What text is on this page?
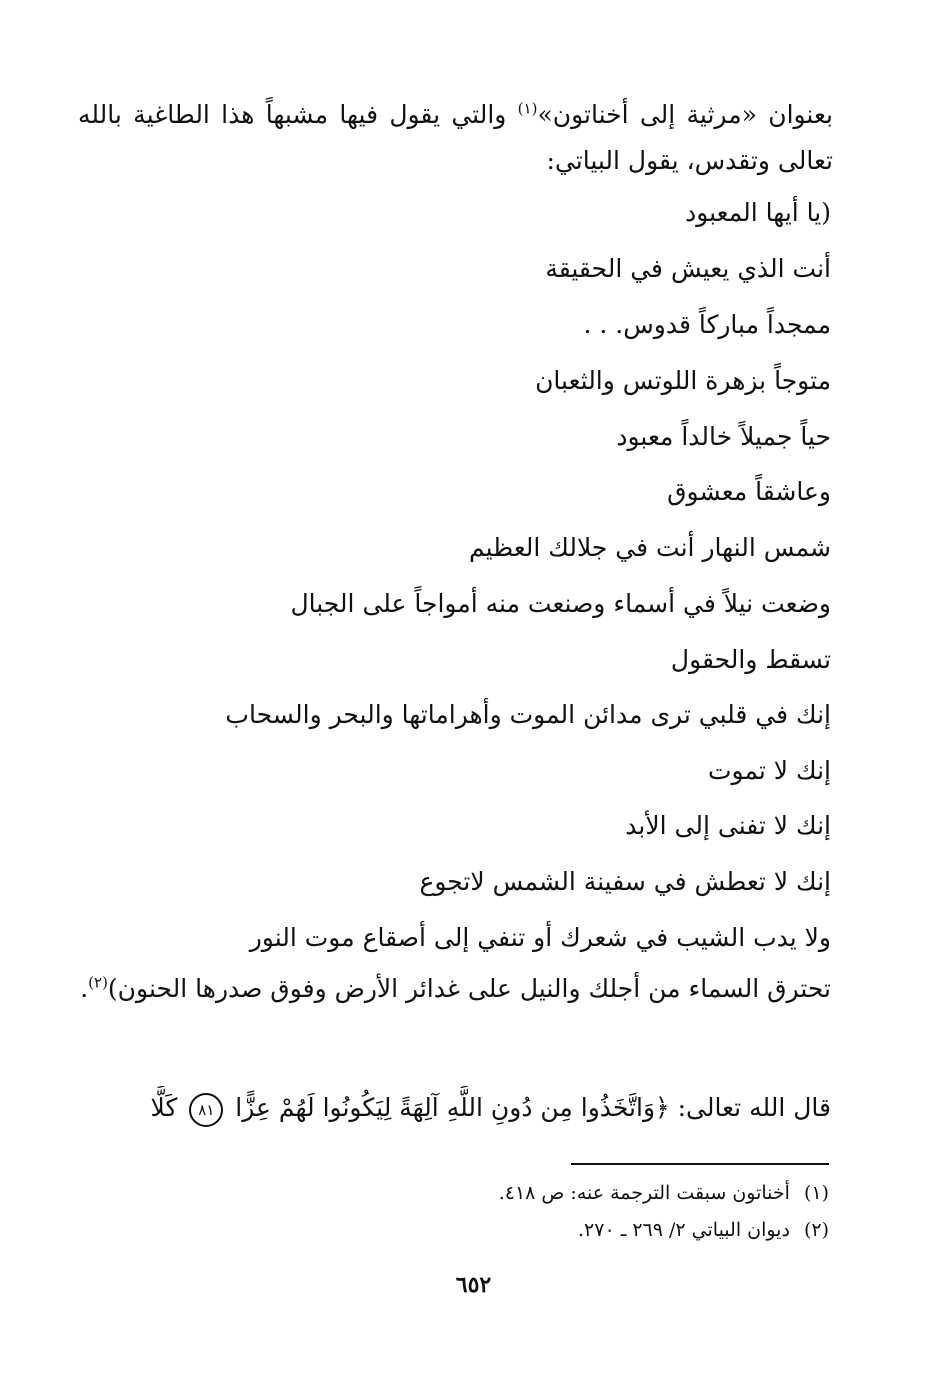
بعنوان «مرثية إلى أخناتون»$^{(١)}$ والتي يقول فيها مشبهاً هذا الطاغية بالله تعالى وتقدس، يقول البياتي:

(يا أيها المعبود
أنت الذي يعيش في الحقيقة
ممجداً مباركاً قدوس. . .
متوجاً بزهرة اللوتس والثعبان
حياً جميلاً خالداً معبود
وعاشقاً معشوق
شمس النهار أنت في جلالك العظيم
وضعت نيلاً في أسماء وصنعت منه أمواجاً على الجبال
تسقط والحقول
إنك في قلبي ترى مدائن الموت وأهراماتها والبحر والسحاب
إنك لا تموت
إنك لا تفنى إلى الأبد
إنك لا تعطش في سفينة الشمس لاتجوع
ولا يدب الشيب في شعرك أو تنفي إلى أصقاع موت النور
تحترق السماء من أجلك والنيل على غدائر الأرض وفوق صدرها الحنون)$^{(٢)}$.
قال الله تعالى: ﴿وَاتَّخَذُوا مِن دُونِ اللَّهِ آلِهَةً لِيَكُونُوا لَهُمْ عِزًّا ٨١ كَلَّا
(١)أخناتون سبقت الترجمة عنه: ص ٤١٨.
(٢)ديوان البياتي ٢/ ٢٦٩ ـ ٢٧٠.
٦٥٢
